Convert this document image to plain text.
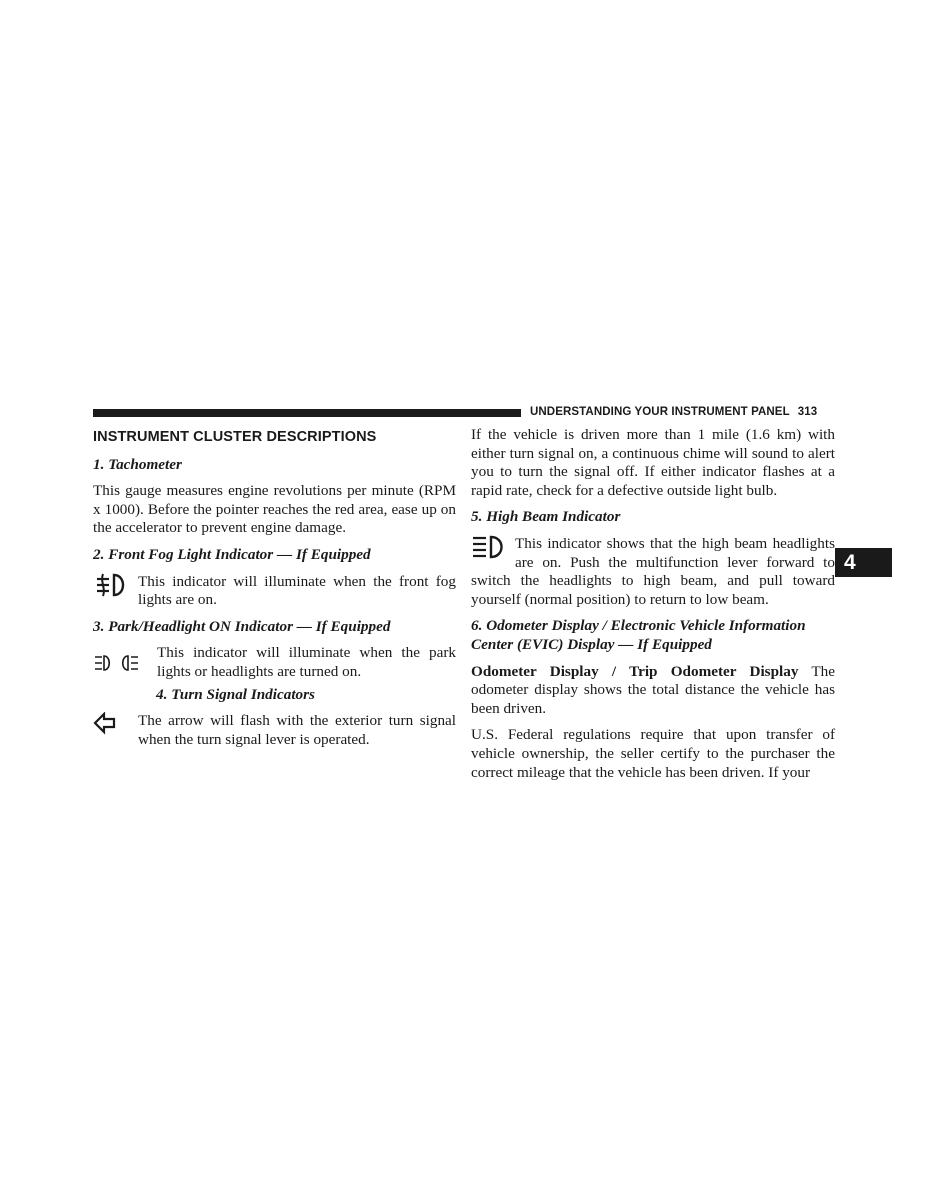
UNDERSTANDING YOUR INSTRUMENT PANEL 313
INSTRUMENT CLUSTER DESCRIPTIONS
1. Tachometer

This gauge measures engine revolutions per minute (RPM x 1000). Before the pointer reaches the red area, ease up on the accelerator to prevent engine damage.

2. Front Fog Light Indicator — If Equipped
This indicator will illuminate when the front fog lights are on.
3. Park/Headlight ON Indicator — If Equipped
This indicator will illuminate when the park lights or headlights are turned on.
4. Turn Signal Indicators
The arrow will flash with the exterior turn signal when the turn signal lever is operated.

If the vehicle is driven more than 1 mile (1.6 km) with either turn signal on, a continuous chime will sound to alert you to turn the signal off. If either indicator flashes at a rapid rate, check for a defective outside light bulb.

5. High Beam Indicator

This indicator shows that the high beam headlights are on. Push the multifunction lever forward to switch the headlights to high beam, and pull toward yourself (normal position) to return to low beam.

6. Odometer Display / Electronic Vehicle Information Center (EVIC) Display — If Equipped

Odometer Display / Trip Odometer Display The odometer display shows the total distance the vehicle has been driven.

U.S. Federal regulations require that upon transfer of vehicle ownership, the seller certify to the purchaser the correct mileage that the vehicle has been driven. If your

4
